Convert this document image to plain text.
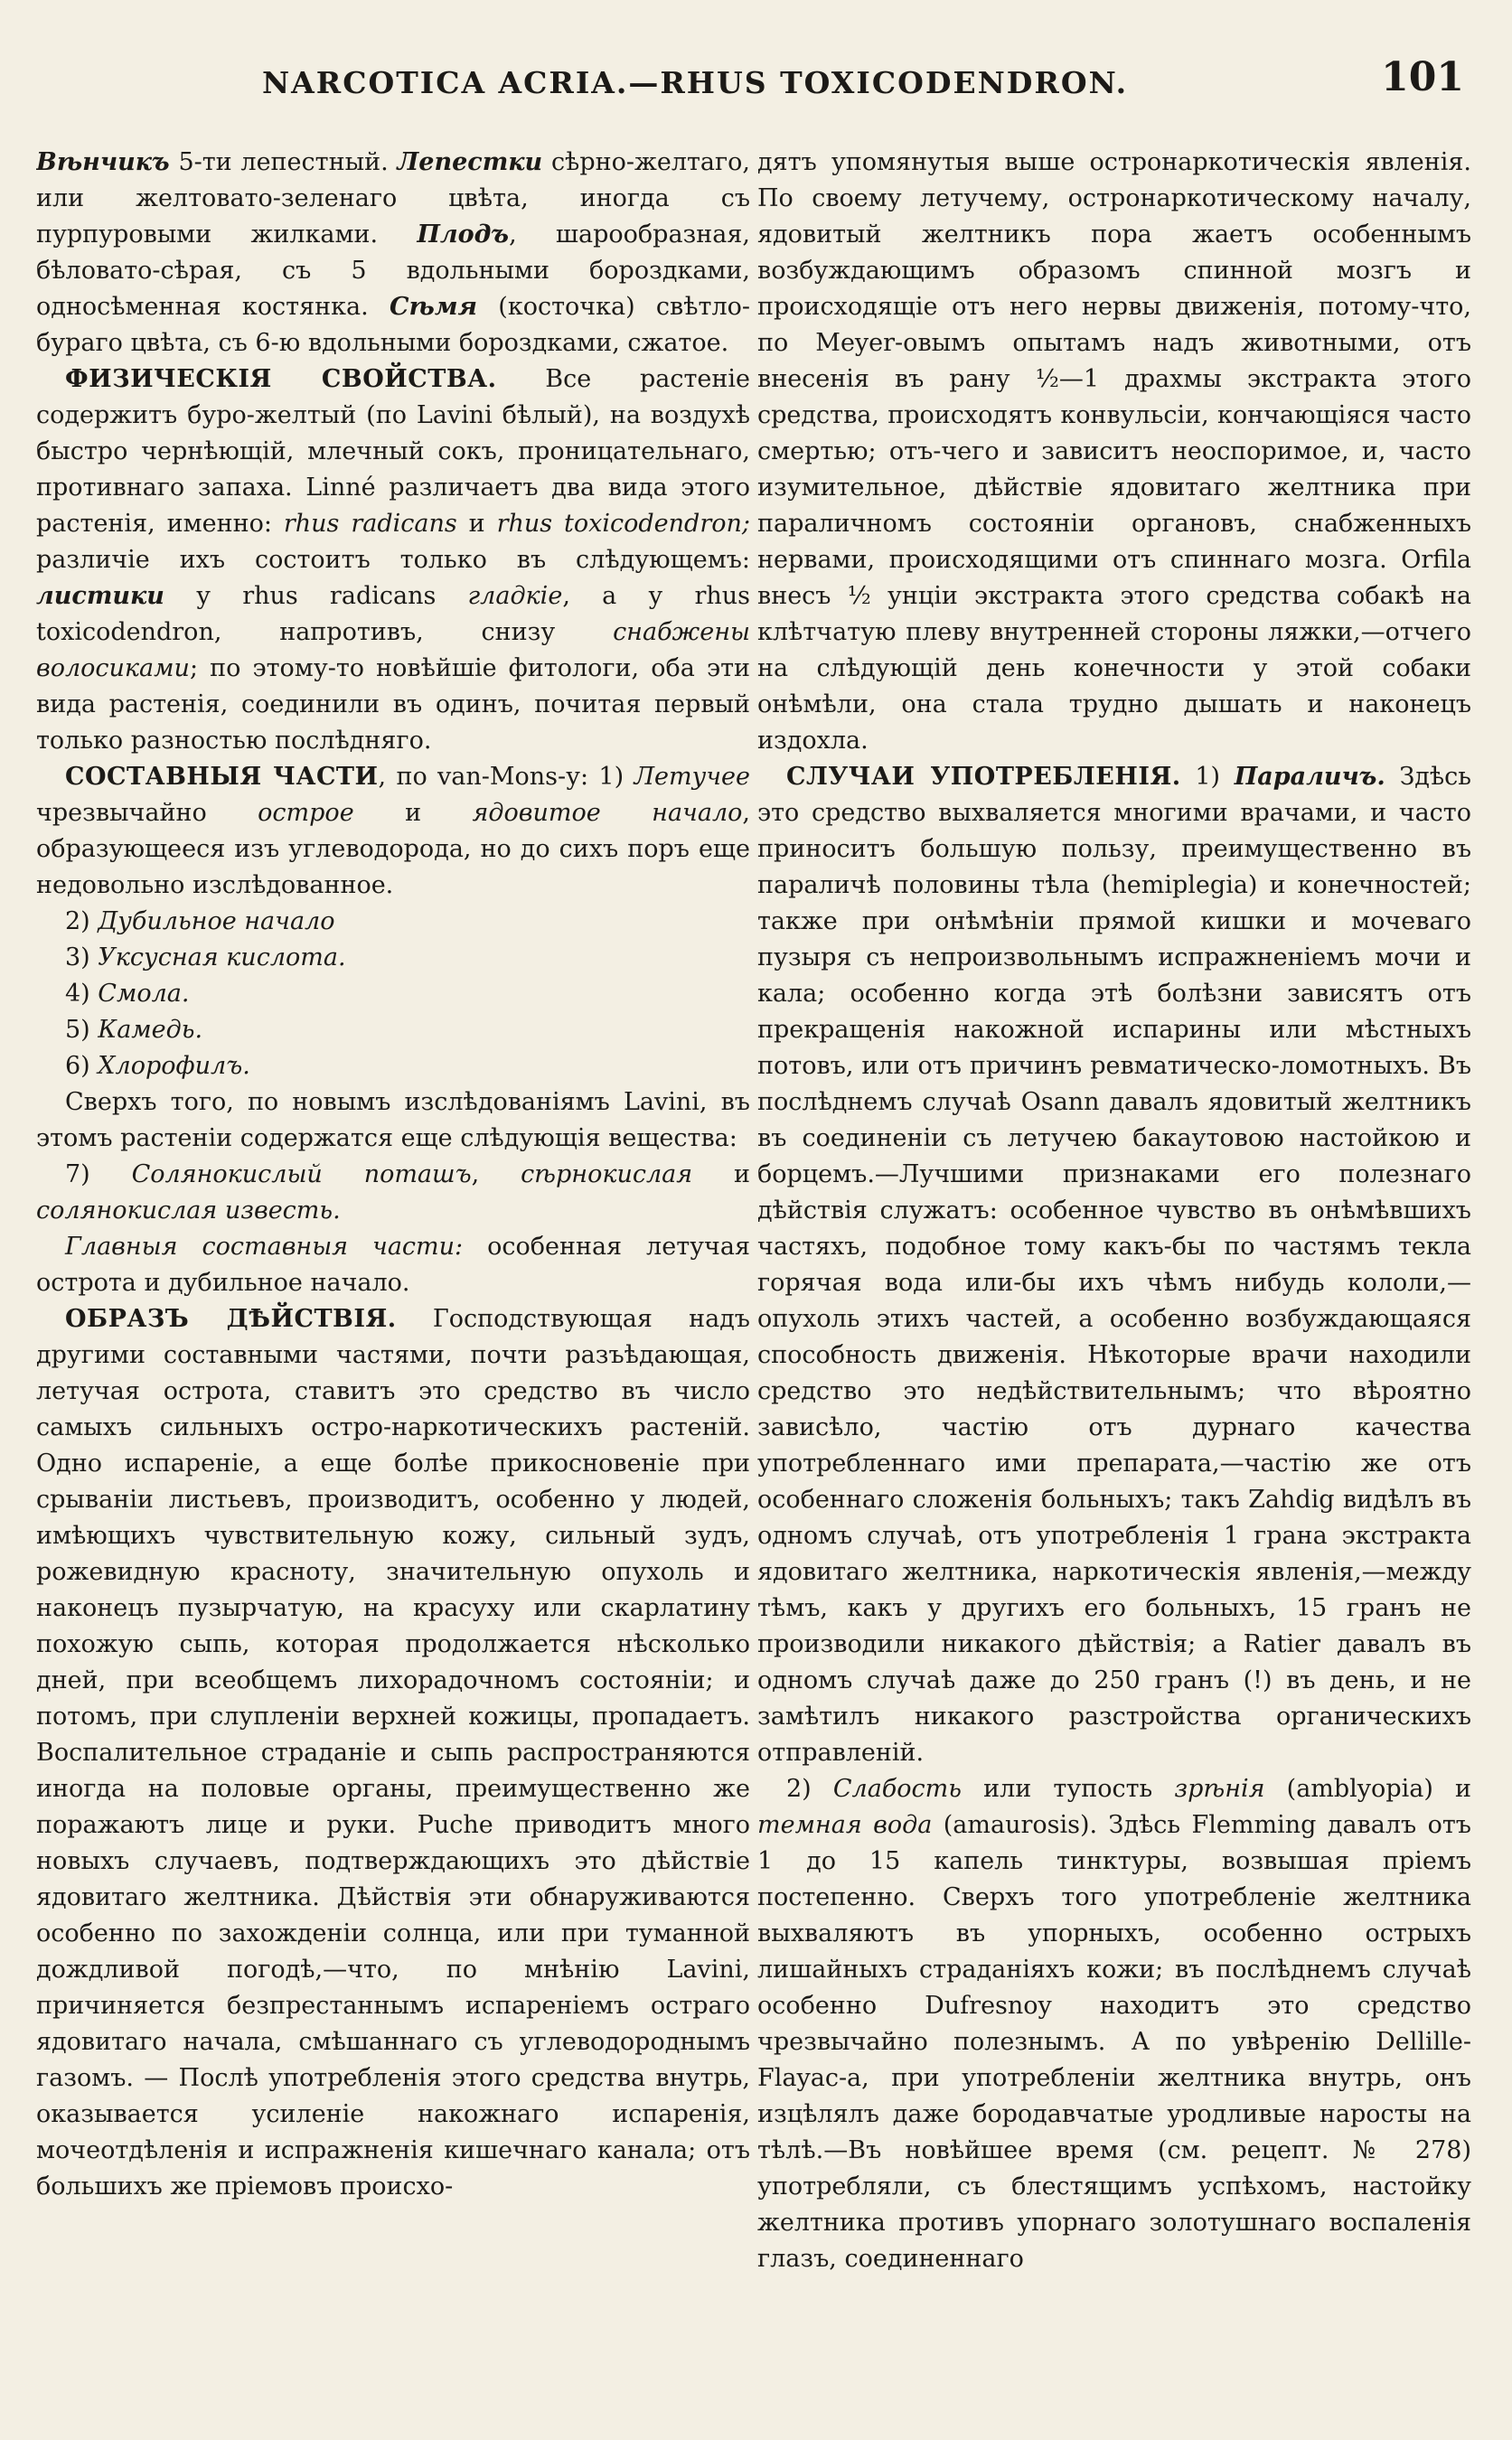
NARCOTICA ACRIA.—RHUS TOXICODENDRON.	101

Вѣнчикъ 5-ти лепестный. Лепестки сѣрно-желтаго, или желтовато-зеленаго цвѣта, иногда съ пурпуровыми жилками. Плодъ, шарообразная, бѣловато-сѣрая, съ 5 вдольными бороздками, односѣменная костянка. Сѣмя (косточка) свѣтло-бураго цвѣта, съ 6-ю вдольными бороздками, сжатое.

ФИЗИЧЕСКІЯ СВОЙСТВА. Все растеніе содержитъ буро-желтый (по Lavini бѣлый), на воздухѣ быстро чернѣющій, млечный сокъ, проницательнаго, противнаго запаха. Linné различаетъ два вида этого растенія, именно: rhus radicans и rhus toxicodendron; различіе ихъ состоитъ только въ слѣдующемъ: листики у rhus radicans гладкіе, а у rhus toxicodendron, напротивъ, снизу снабжены волосиками; по этому-то новѣйшіе фитологи, оба эти вида растенія, соединили въ одинъ, почитая первый только разностью послѣдняго.

СОСТАВНЫЯ ЧАСТИ, по van-Mons-у: 1) Летучее чрезвычайно острое и ядовитое начало, образующееся изъ углеводорода, но до сихъ поръ еще недовольно изслѣдованное.

2) Дубильное начало

3) Уксусная кислота.

4) Смола.

5) Камедь.

6) Хлорофилъ.

Сверхъ того, по новымъ изслѣдованіямъ Lavini, въ этомъ растеніи содержатся еще слѣдующія вещества:

7) Солянокислый поташъ, сѣрнокислая и солянокислая известь.

Главныя составныя части: особенная летучая острота и дубильное начало.

ОБРАЗЪ ДѢЙСТВІЯ. Господствующая надъ другими составными частями, почти разъѣдающая, летучая острота, ставитъ это средство въ число самыхъ сильныхъ остро-наркотическихъ растеній. Одно испареніе, а еще болѣе прикосновеніе при срываніи листьевъ, производитъ, особенно у людей, имѣющихъ чувствительную кожу, сильный зудъ, рожевидную красноту, значительную опухоль и наконецъ пузырчатую, на красуху или скарлатину похожую сыпь, которая продолжается нѣсколько дней, при всеобщемъ лихорадочномъ состояніи; и потомъ, при слупленіи верхней кожицы, пропадаетъ. Воспалительное страданіе и сыпь распространяются иногда на половые органы, преимущественно же поражаютъ лице и руки. Puche приводитъ много новыхъ случаевъ, подтверждающихъ это дѣйствіе ядовитаго желтника. Дѣйствія эти обнаруживаются особенно по захожденіи солнца, или при туманной дождливой погодѣ,—что, по мнѣнію Lavini, причиняется безпрестаннымъ испареніемъ остраго ядовитаго начала, смѣшаннаго съ углеводороднымъ газомъ. — Послѣ употребленія этого средства внутрь, оказывается усиленіе накожнаго испаренія, мочеотдѣленія и испражненія кишечнаго канала; отъ большихъ же пріемовъ происхо-

дятъ упомянутыя выше остронаркотическія явленія. По своему летучему, остронаркотическому началу, ядовитый желтникъ пора жаетъ особеннымъ возбуждающимъ образомъ спинной мозгъ и происходящіе отъ него нервы движенія, потому-что, по Meyer-овымъ опытамъ надъ животными, отъ внесенія въ рану ½—1 драхмы экстракта этого средства, происходятъ конвульсіи, кончающіяся часто смертью; отъ-чего и зависитъ неоспоримое, и, часто изумительное, дѣйствіе ядовитаго желтника при параличномъ состояніи органовъ, снабженныхъ нервами, происходящими отъ спиннаго мозга. Orfila внесъ ½ унціи экстракта этого средства собакѣ на клѣтчатую плеву внутренней стороны ляжки,—отчего на слѣдующій день конечности у этой собаки онѣмѣли, она стала трудно дышать и наконецъ издохла.

СЛУЧАИ УПОТРЕБЛЕНІЯ. 1) Параличъ. Здѣсь это средство выхваляется многими врачами, и часто приноситъ большую пользу, преимущественно въ параличѣ половины тѣла (hemiplegia) и конечностей; также при онѣмѣніи прямой кишки и мочеваго пузыря съ непроизвольнымъ испражненіемъ мочи и кала; особенно когда этѣ болѣзни зависятъ отъ прекращенія накожной испарины или мѣстныхъ потовъ, или отъ причинъ ревматическо-ломотныхъ. Въ послѣднемъ случаѣ Osann давалъ ядовитый желтникъ въ соединеніи съ летучею бакаутовою настойкою и борцемъ.—Лучшими признаками его полезнаго дѣйствія служатъ: особенное чувство въ онѣмѣвшихъ частяхъ, подобное тому какъ-бы по частямъ текла горячая вода или-бы ихъ чѣмъ нибудь кололи,—опухоль этихъ частей, а особенно возбуждающаяся способность движенія. Нѣкоторые врачи находили средство это недѣйствительнымъ; что вѣроятно зависѣло, частію отъ дурнаго качества употребленнаго ими препарата,—частію же отъ особеннаго сложенія больныхъ; такъ Zahdig видѣлъ въ одномъ случаѣ, отъ употребленія 1 грана экстракта ядовитаго желтника, наркотическія явленія,—между тѣмъ, какъ у другихъ его больныхъ, 15 гранъ не производили никакого дѣйствія; а Ratier давалъ въ одномъ случаѣ даже до 250 гранъ (!) въ день, и не замѣтилъ никакого разстройства органическихъ отправленій.

2) Слабость или тупость зрѣнія (amblyopia) и темная вода (amaurosis). Здѣсь Flemming давалъ отъ 1 до 15 капель тинктуры, возвышая пріемъ постепенно. Сверхъ того употребленіе желтника выхваляютъ въ упорныхъ, особенно острыхъ лишайныхъ страданіяхъ кожи; въ послѣднемъ случаѣ особенно Dufresnoy находитъ это средство чрезвычайно полезнымъ. А по увѣренію Dellille-Flayac-а, при употребленіи желтника внутрь, онъ изцѣлялъ даже бородавчатые уродливые наросты на тѣлѣ.—Въ новѣйшее время (см. рецепт. № 278) употребляли, съ блестящимъ успѣхомъ, настойку желтника противъ упорнаго золотушнаго воспаленія глазъ, соединеннаго
